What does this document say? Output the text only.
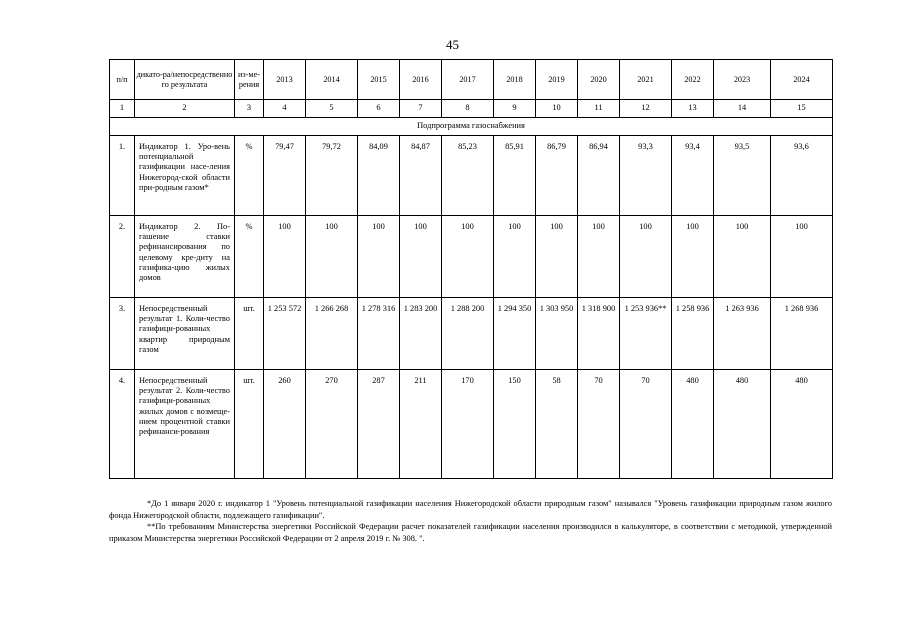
45
п/п	дикато-ра/непосредственно го результата	из-ме-рения	2013	2014	2015	2016	2017	2018	2019	2020	2021	2022	2023	2024
1	2	3	4	5	6	7	8	9	10	11	12	13	14	15
Подпрограмма газоснабжения														
1.	Индикатор 1. Уро-вень потенциальной газификации насе-ления Нижегород-ской области при-родным газом*	%	79,47	79,72	84,09	84,87	85,23	85,91	86,79	86,94	93,3	93,4	93,5	93,6
2.	Индикатор 2. По-гашение ставки рефинансирования по целевому кре-диту на газифика-цию жилых домов	%	100	100	100	100	100	100	100	100	100	100	100	100
3.	Непосредственный результат 1. Коли-чество газифици-рованных квартир природным газом	шт.	1 253 572	1 266 268	1 278 316	1 283 200	1 288 200	1 294 350	1 303 950	1 318 900	1 253 936**	1 258 936	1 263 936	1 268 936
4.	Непосредственный результат 2. Коли-чество газифици-рованных жилых домов с возмеще-нием процентной ставки рефинанси-рования	шт.	260	270	287	211	170	150	58	70	70	480	480	480

*До 1 января 2020 г. индикатор 1 "Уровень потенциальной газификации населения Нижегородской области природным газом" назывался "Уровень газификации природным газом жилого фонда Нижегородской области, подлежащего газификации".

**По требованиям Министерства энергетики Российской Федерации расчет показателей газификации населения производился в калькуляторе, в соответствии с методикой, утвержденной приказом Министерства энергетики Российской Федерации от 2 апреля 2019 г. № 308. ".
